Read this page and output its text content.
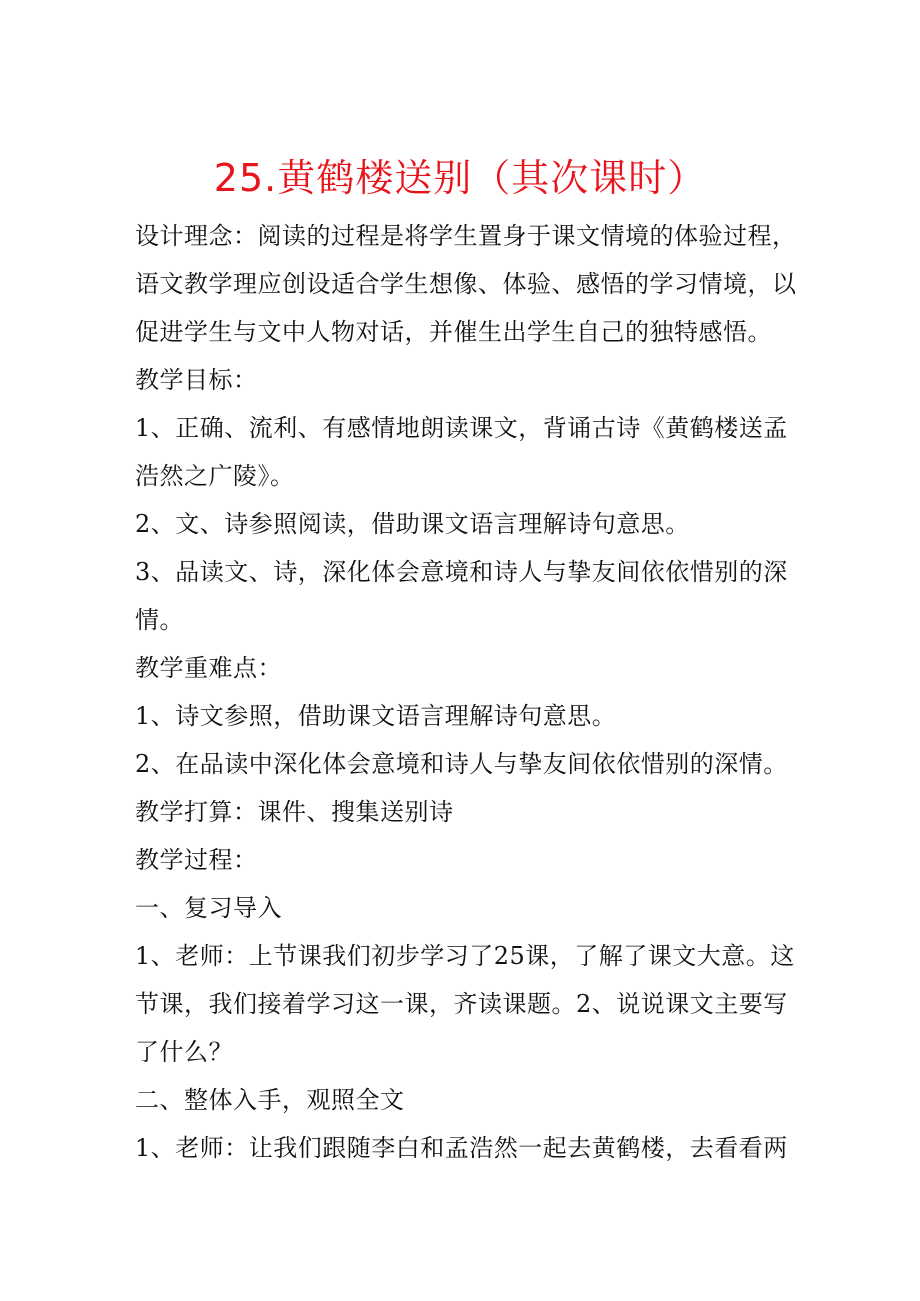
25.黄鹤楼送别（其次课时）

设计理念：阅读的过程是将学生置身于课文情境的体验过程，

语文教学理应创设适合学生想像、体验、感悟的学习情境，以

促进学生与文中人物对话，并催生出学生自己的独特感悟。

教学目标：

1、正确、流利、有感情地朗读课文，背诵古诗《黄鹤楼送孟

浩然之广陵》。

2、文、诗参照阅读，借助课文语言理解诗句意思。

3、品读文、诗，深化体会意境和诗人与挚友间依依惜别的深

情。

教学重难点：

1、诗文参照，借助课文语言理解诗句意思。

2、在品读中深化体会意境和诗人与挚友间依依惜别的深情。

教学打算：课件、搜集送别诗

教学过程：

一、复习导入

1、老师：上节课我们初步学习了25课，了解了课文大意。这

节课，我们接着学习这一课，齐读课题。2、说说课文主要写

了什么？

二、整体入手，观照全文

1、老师：让我们跟随李白和孟浩然一起去黄鹤楼，去看看两
